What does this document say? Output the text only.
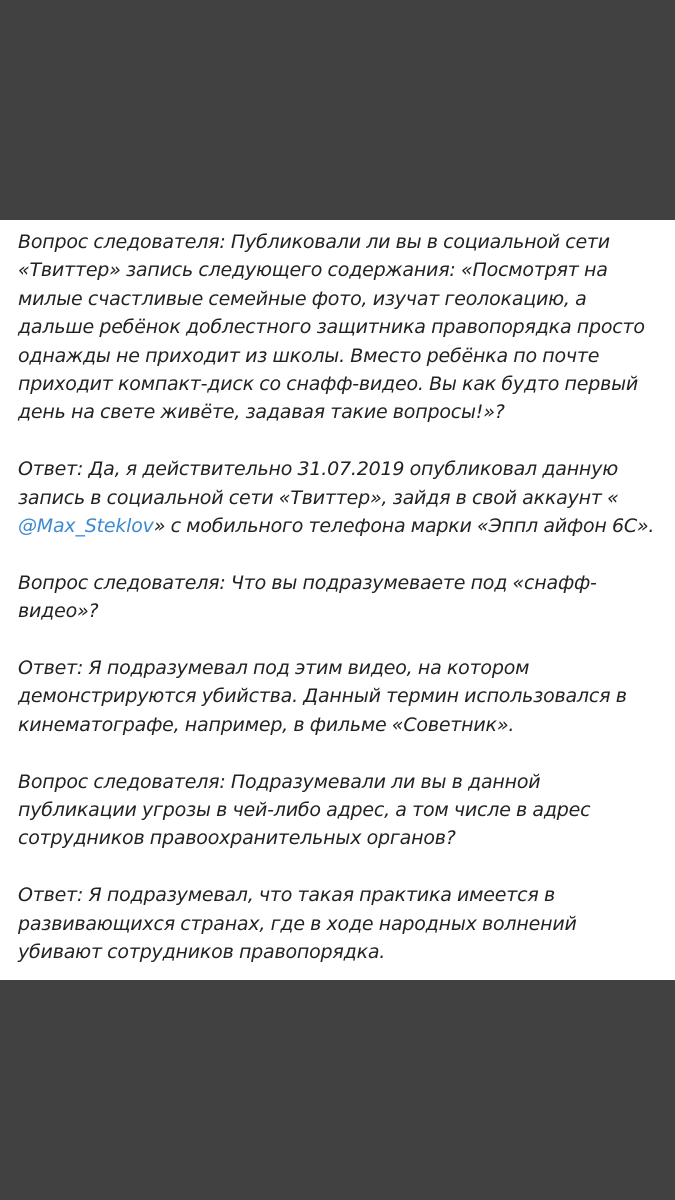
Вопрос следователя: Публиковали ли вы в социальной сети «Твиттер» запись следующего содержания: «Посмотрят на милые счастливые семейные фото, изучат геолокацию, а дальше ребёнок доблестного защитника правопорядка просто однажды не приходит из школы. Вместо ребёнка по почте приходит компакт-диск со снафф-видео. Вы как будто первый день на свете живёте, задавая такие вопросы!»?

Ответ: Да, я действительно 31.07.2019 опубликовал данную запись в социальной сети «Твиттер», зайдя в свой аккаунт « @Max_Steklov» с мобильного телефона марки «Эппл айфон 6С».

Вопрос следователя: Что вы подразумеваете под «снафф-видео»?

Ответ: Я подразумевал под этим видео, на котором демонстрируются убийства. Данный термин использовался в кинематографе, например, в фильме «Советник».

Вопрос следователя: Подразумевали ли вы в данной публикации угрозы в чей-либо адрес, а том числе в адрес сотрудников правоохранительных органов?

Ответ: Я подразумевал, что такая практика имеется в развивающихся странах, где в ходе народных волнений убивают сотрудников правопорядка.
